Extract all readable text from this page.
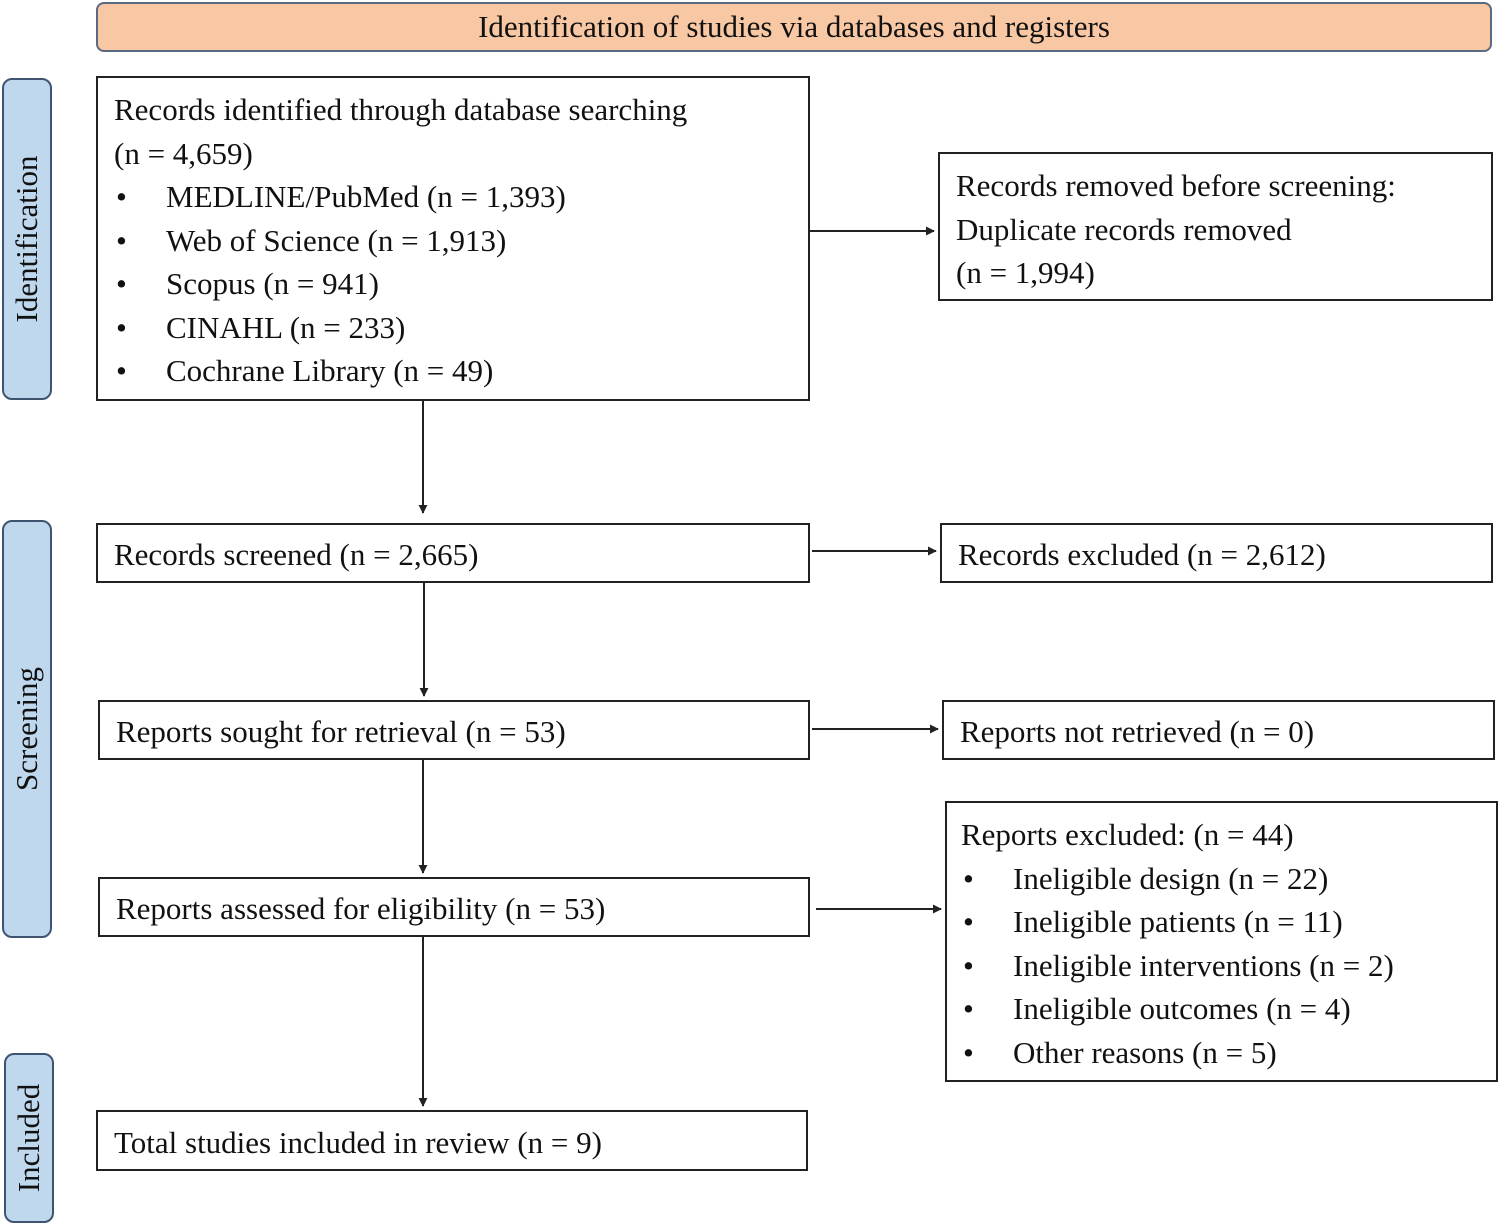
Identification of studies via databases and registers
Identification
Screening
Included
Records identified through database searching
(n = 4,659)
•	MEDLINE/PubMed (n = 1,393)
•	Web of Science (n = 1,913)
•	Scopus (n = 941)
•	CINAHL (n = 233)
•	Cochrane Library (n = 49)
Records removed before screening:
Duplicate records removed
(n = 1,994)
Records screened (n = 2,665)	Records excluded (n = 2,612)
Reports sought for retrieval (n = 53)	Reports not retrieved (n = 0)
Reports assessed for eligibility (n = 53)
Reports excluded: (n = 44)
•	Ineligible design (n = 22)
•	Ineligible patients (n = 11)
•	Ineligible interventions (n = 2)
•	Ineligible outcomes (n = 4)
•	Other reasons (n = 5)
Total studies included in review (n = 9)
